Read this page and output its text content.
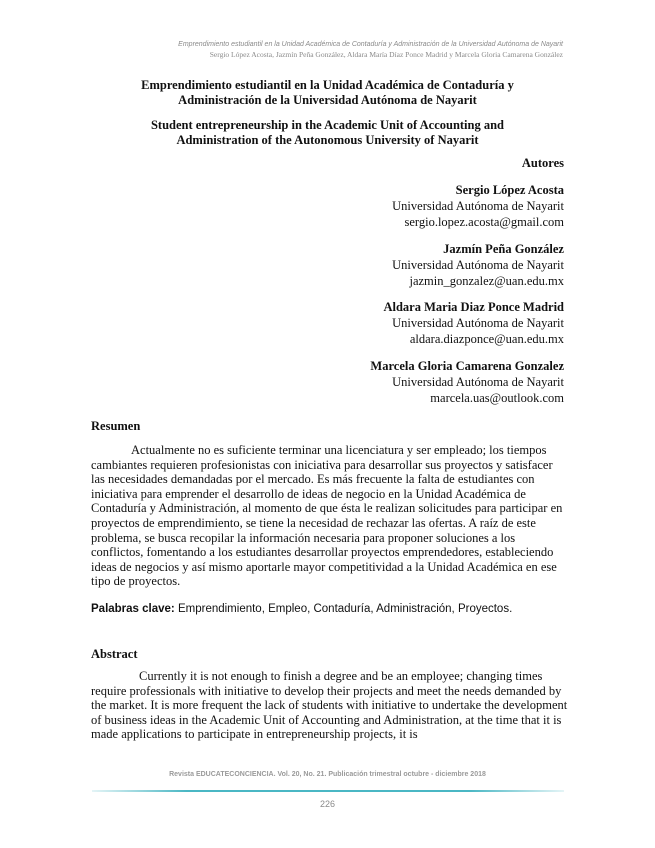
Emprendimiento estudiantil en la Unidad Académica de Contaduría y Administración de la Universidad Autónoma de Nayarit
Sergio López Acosta, Jazmín Peña González, Aldara María Díaz Ponce Madrid y Marcela Gloria Camarena González
Emprendimiento estudiantil en la Unidad Académica de Contaduría y
Administración de la Universidad Autónoma de Nayarit
Student entrepreneurship in the Academic Unit of Accounting and
Administration of the Autonomous University of Nayarit
Autores
Sergio López Acosta
Universidad Autónoma de Nayarit
sergio.lopez.acosta@gmail.com
Jazmín Peña González
Universidad Autónoma de Nayarit
jazmin_gonzalez@uan.edu.mx
Aldara Maria Diaz Ponce Madrid
Universidad Autónoma de Nayarit
aldara.diazponce@uan.edu.mx
Marcela Gloria Camarena Gonzalez
Universidad Autónoma de Nayarit
marcela.uas@outlook.com
Resumen
Actualmente no es suficiente terminar una licenciatura y ser empleado; los tiempos cambiantes requieren profesionistas con iniciativa para desarrollar sus proyectos y satisfacer las necesidades demandadas por el mercado. Es más frecuente la falta de estudiantes con iniciativa para emprender el desarrollo de ideas de negocio en la Unidad Académica de Contaduría y Administración, al momento de que ésta le realizan solicitudes para participar en proyectos de emprendimiento, se tiene la necesidad de rechazar las ofertas. A raíz de este problema, se busca recopilar la información necesaria para proponer soluciones a los conflictos, fomentando a los estudiantes desarrollar proyectos emprendedores, estableciendo ideas de negocios y así mismo aportarle mayor competitividad a la Unidad Académica en ese tipo de proyectos.
Palabras clave: Emprendimiento, Empleo, Contaduría, Administración, Proyectos.
Abstract
Currently it is not enough to finish a degree and be an employee; changing times require professionals with initiative to develop their projects and meet the needs demanded by the market. It is more frequent the lack of students with initiative to undertake the development of business ideas in the Academic Unit of Accounting and Administration, at the time that it is made applications to participate in entrepreneurship projects, it is
Revista EDUCATECONCIENCIA. Vol. 20, No. 21. Publicación trimestral octubre - diciembre 2018
226
